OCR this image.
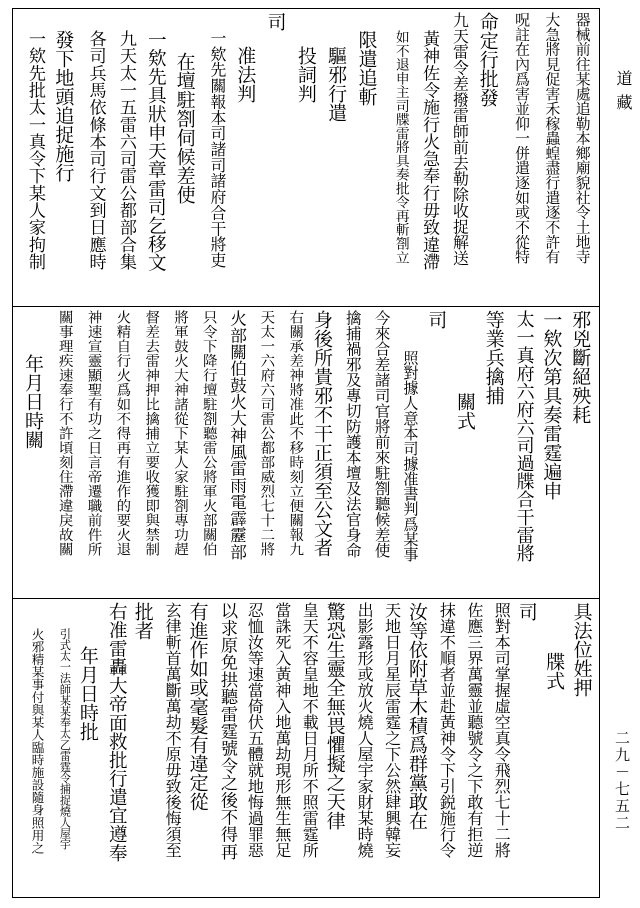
道藏
二九－七五二
器械前往某處追勒本鄉廟貌社令土地寺
大急將見促害禾稼蟲蝗盡行遣逐不許有
呪註在內爲害並仰一併遣逐如或不從特
命定行批發
九天雷令差撥雷師前去勒除收捉解送
黃神佐令施行火急奉行毋致違滯
如不退申主司牒雷將具奏批令再斬劄立
限遣追斬
驅邪行遣
投詞判
司
准法判
一欸先關報本司諸司諸府合干將吏
在壇駐劄伺候差使
一欸先具狀申天章雷司乞移文
九天太一五雷六司雷公都部合集
各司兵馬依條本司行文到日應時
發下地頭追捉施行
一欸先批太一真令下某人家拘制
邪兇斷絕殃耗
一欸次第具奏雷霆遍申
太一真府六府六司過牒合干雷將
等業兵擒捕
關式
司
照對據人意本司據准書判爲某事
今來合差諸司官將前來駐劄聽候差使
擒捕禍邪及專切防護本壇及法官身命
身後所貴邪不干正須至公文者
右關承差神將准此不移時刻立便關報九
天太一六府六司雷公都部威烈七十二將
火部關伯鼓火大神風雷雨電霹靂部
只令下降行壇駐劄聽雷公將軍火部關伯
將軍鼓火大神諸從下某人家駐劄專功趕
督差去雷神押比擒捕立要收獲即與禁制
火精自行火爲如不得再有進作的要火退
神速宣靈顯聖有功之日言帝遷職前件所
關事理疾速奉行不許頃刻住滯違戾故關
年月日時關
具法位姓押
牒式
司
照對本司掌握虛空真令飛烈七十二將
佐應三界萬靈並聽號令之下敢有拒逆
抹違不順者並赴黃神令下引鋭施行令
汝等依附草木積爲群黨敢在
天地日月星辰雷霆之下公然肆興韓妄
出影露形或放火燒人屋宇家財某時燒
驚恐生靈全無畏懼擬之天律
皇天不容皇地不載日月所不照雷霆所
當誅死入黃神入地萬劫現形無生無足
忍恤汝等速當倚伏五體就地悔過罪惡
以求原免拱聽雷霆號令之後不得再
有進作如或毫髮有違定從
玄律斬首萬斷萬劫不原毋致後悔須至
批者
右准雷轟大帝面救批行遣宜遵奉
年月日時批
引式太一法師某某奉太乙雷霆令捕捉燒人屋宇
火邪精某事付與某人臨時施設隨身照用之
